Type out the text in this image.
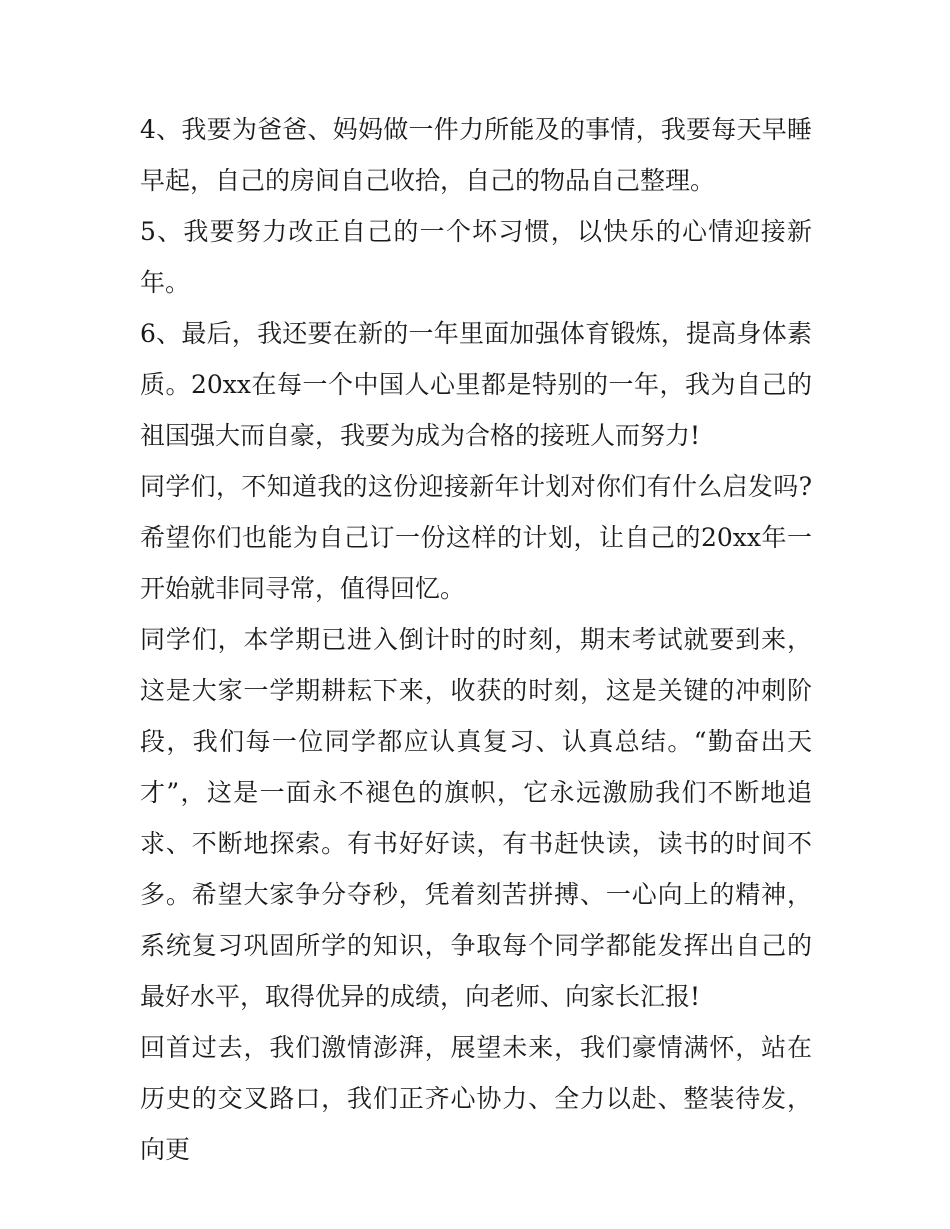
4、我要为爸爸、妈妈做一件力所能及的事情，我要每天早睡早起，自己的房间自己收拾，自己的物品自己整理。

5、我要努力改正自己的一个坏习惯，以快乐的心情迎接新年。

6、最后，我还要在新的一年里面加强体育锻炼，提高身体素质。20xx在每一个中国人心里都是特别的一年，我为自己的祖国强大而自豪，我要为成为合格的接班人而努力!

同学们，不知道我的这份迎接新年计划对你们有什么启发吗?希望你们也能为自己订一份这样的计划，让自己的20xx年一开始就非同寻常，值得回忆。

同学们，本学期已进入倒计时的时刻，期末考试就要到来，这是大家一学期耕耘下来，收获的时刻，这是关键的冲刺阶段，我们每一位同学都应认真复习、认真总结。“勤奋出天才”，这是一面永不褪色的旗帜，它永远激励我们不断地追求、不断地探索。有书好好读，有书赶快读，读书的时间不多。希望大家争分夺秒，凭着刻苦拼搏、一心向上的精神，系统复习巩固所学的知识，争取每个同学都能发挥出自己的最好水平，取得优异的成绩，向老师、向家长汇报!

回首过去，我们激情澎湃，展望未来，我们豪情满怀，站在历史的交叉路口，我们正齐心协力、全力以赴、整装待发，向更
